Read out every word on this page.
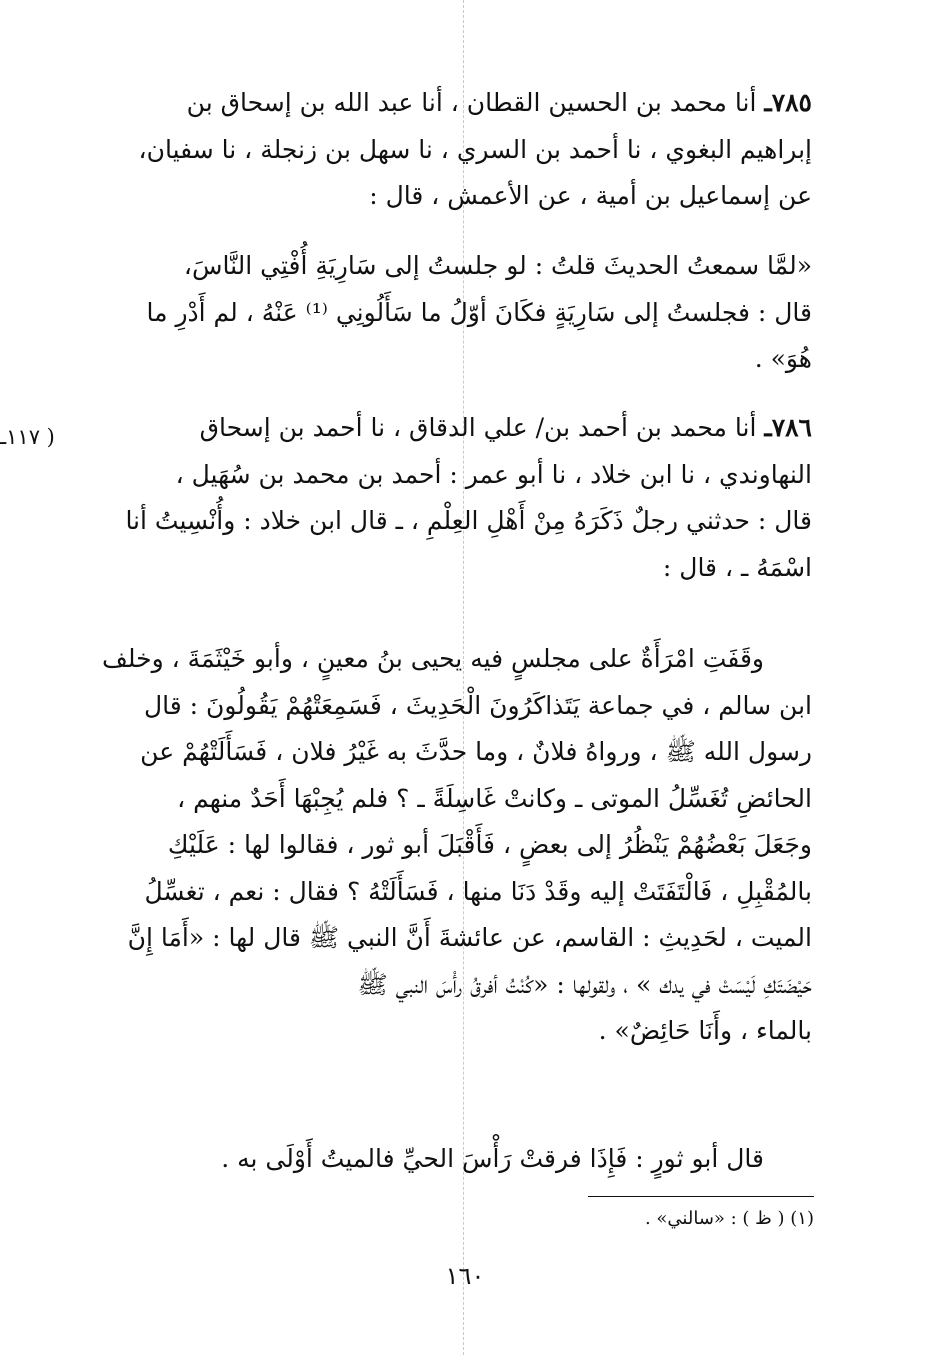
٧٨٥ـ أنا محمد بن الحسين القطان ، أنا عبد الله بن إسحاق بن

إبراهيم البغوي ، نا أحمد بن السري ، نا سهل بن زنجلة ، نا سفيان،

عن إسماعيل بن أمية ، عن الأعمش ، قال :

«لمَّا سمعتُ الحديثَ قلتُ : لو جلستُ إلى سَارِيَةِ أُفْتِي النَّاسَ،

قال : فجلستُ إلى سَارِيَةٍ فكَانَ أوّلُ ما سَأَلُونِي ⁽¹⁾ عَنْهُ ، لم أَدْرِ ما

هُوَ» .

( ١١٧ـ	٧٨٦ـ أنا محمد بن أحمد بن/ علي الدقاق ، نا أحمد بن إسحاق

النهاوندي ، نا ابن خلاد ، نا أبو عمر : أحمد بن محمد بن سُهَيل ،

قال : حدثني رجلٌ ذَكَرَهُ مِنْ أَهْلِ العِلْمِ ، ـ قال ابن خلاد : وأُنْسِيتُ أنا

اسْمَهُ ـ ، قال :

وقَفَتِ امْرَأَةٌ على مجلسٍ فيه يحيى بنُ معينٍ ، وأبو خَيْثَمَةَ ، وخلف

ابن سالم ، في جماعة يَتَذاكَرُونَ الْحَدِيثَ ، فَسَمِعَتْهُمْ يَقُولُونَ : قال

رسول الله ﷺ ، ورواهُ فلانٌ ، وما حدَّثَ به غَيْرُ فلان ، فَسَأَلَتْهُمْ عن

الحائضِ تُغَسِّلُ الموتى ـ وكانتْ غَاسِلَةً ـ ؟ فلم يُجِبْهَا أَحَدٌ منهم ،

وجَعَلَ بَعْضُهُمْ يَنْظُرُ إلى بعضٍ ، فَأَقْبَلَ أبو ثور ، فقالوا لها : عَلَيْكِ

بالمُقْبِلِ ، فَالْتَفَتَتْ إليه وقَدْ دَنَا منها ، فَسَأَلَتْهُ ؟ فقال : نعم ، تغسِّلُ

الميت ، لحَدِيثِ : القاسم، عن عائشةَ أَنَّ النبي ﷺ قال لها : «أَمَا إِنَّ

حَيْضَتَكِ لَيْسَتْ في يدك » ، ولقولها : «كُنْتُ أفرقُ رأْسَ النبي ﷺ

بالماء ، وأَنَا حَائِضٌ» .

قال أبو ثورٍ : فَإِذَا فرقتْ رَأْسَ الحيِّ فالميتُ أَوْلَى به .

(١) ( ظ ) : «سالني» .
١٦٠
